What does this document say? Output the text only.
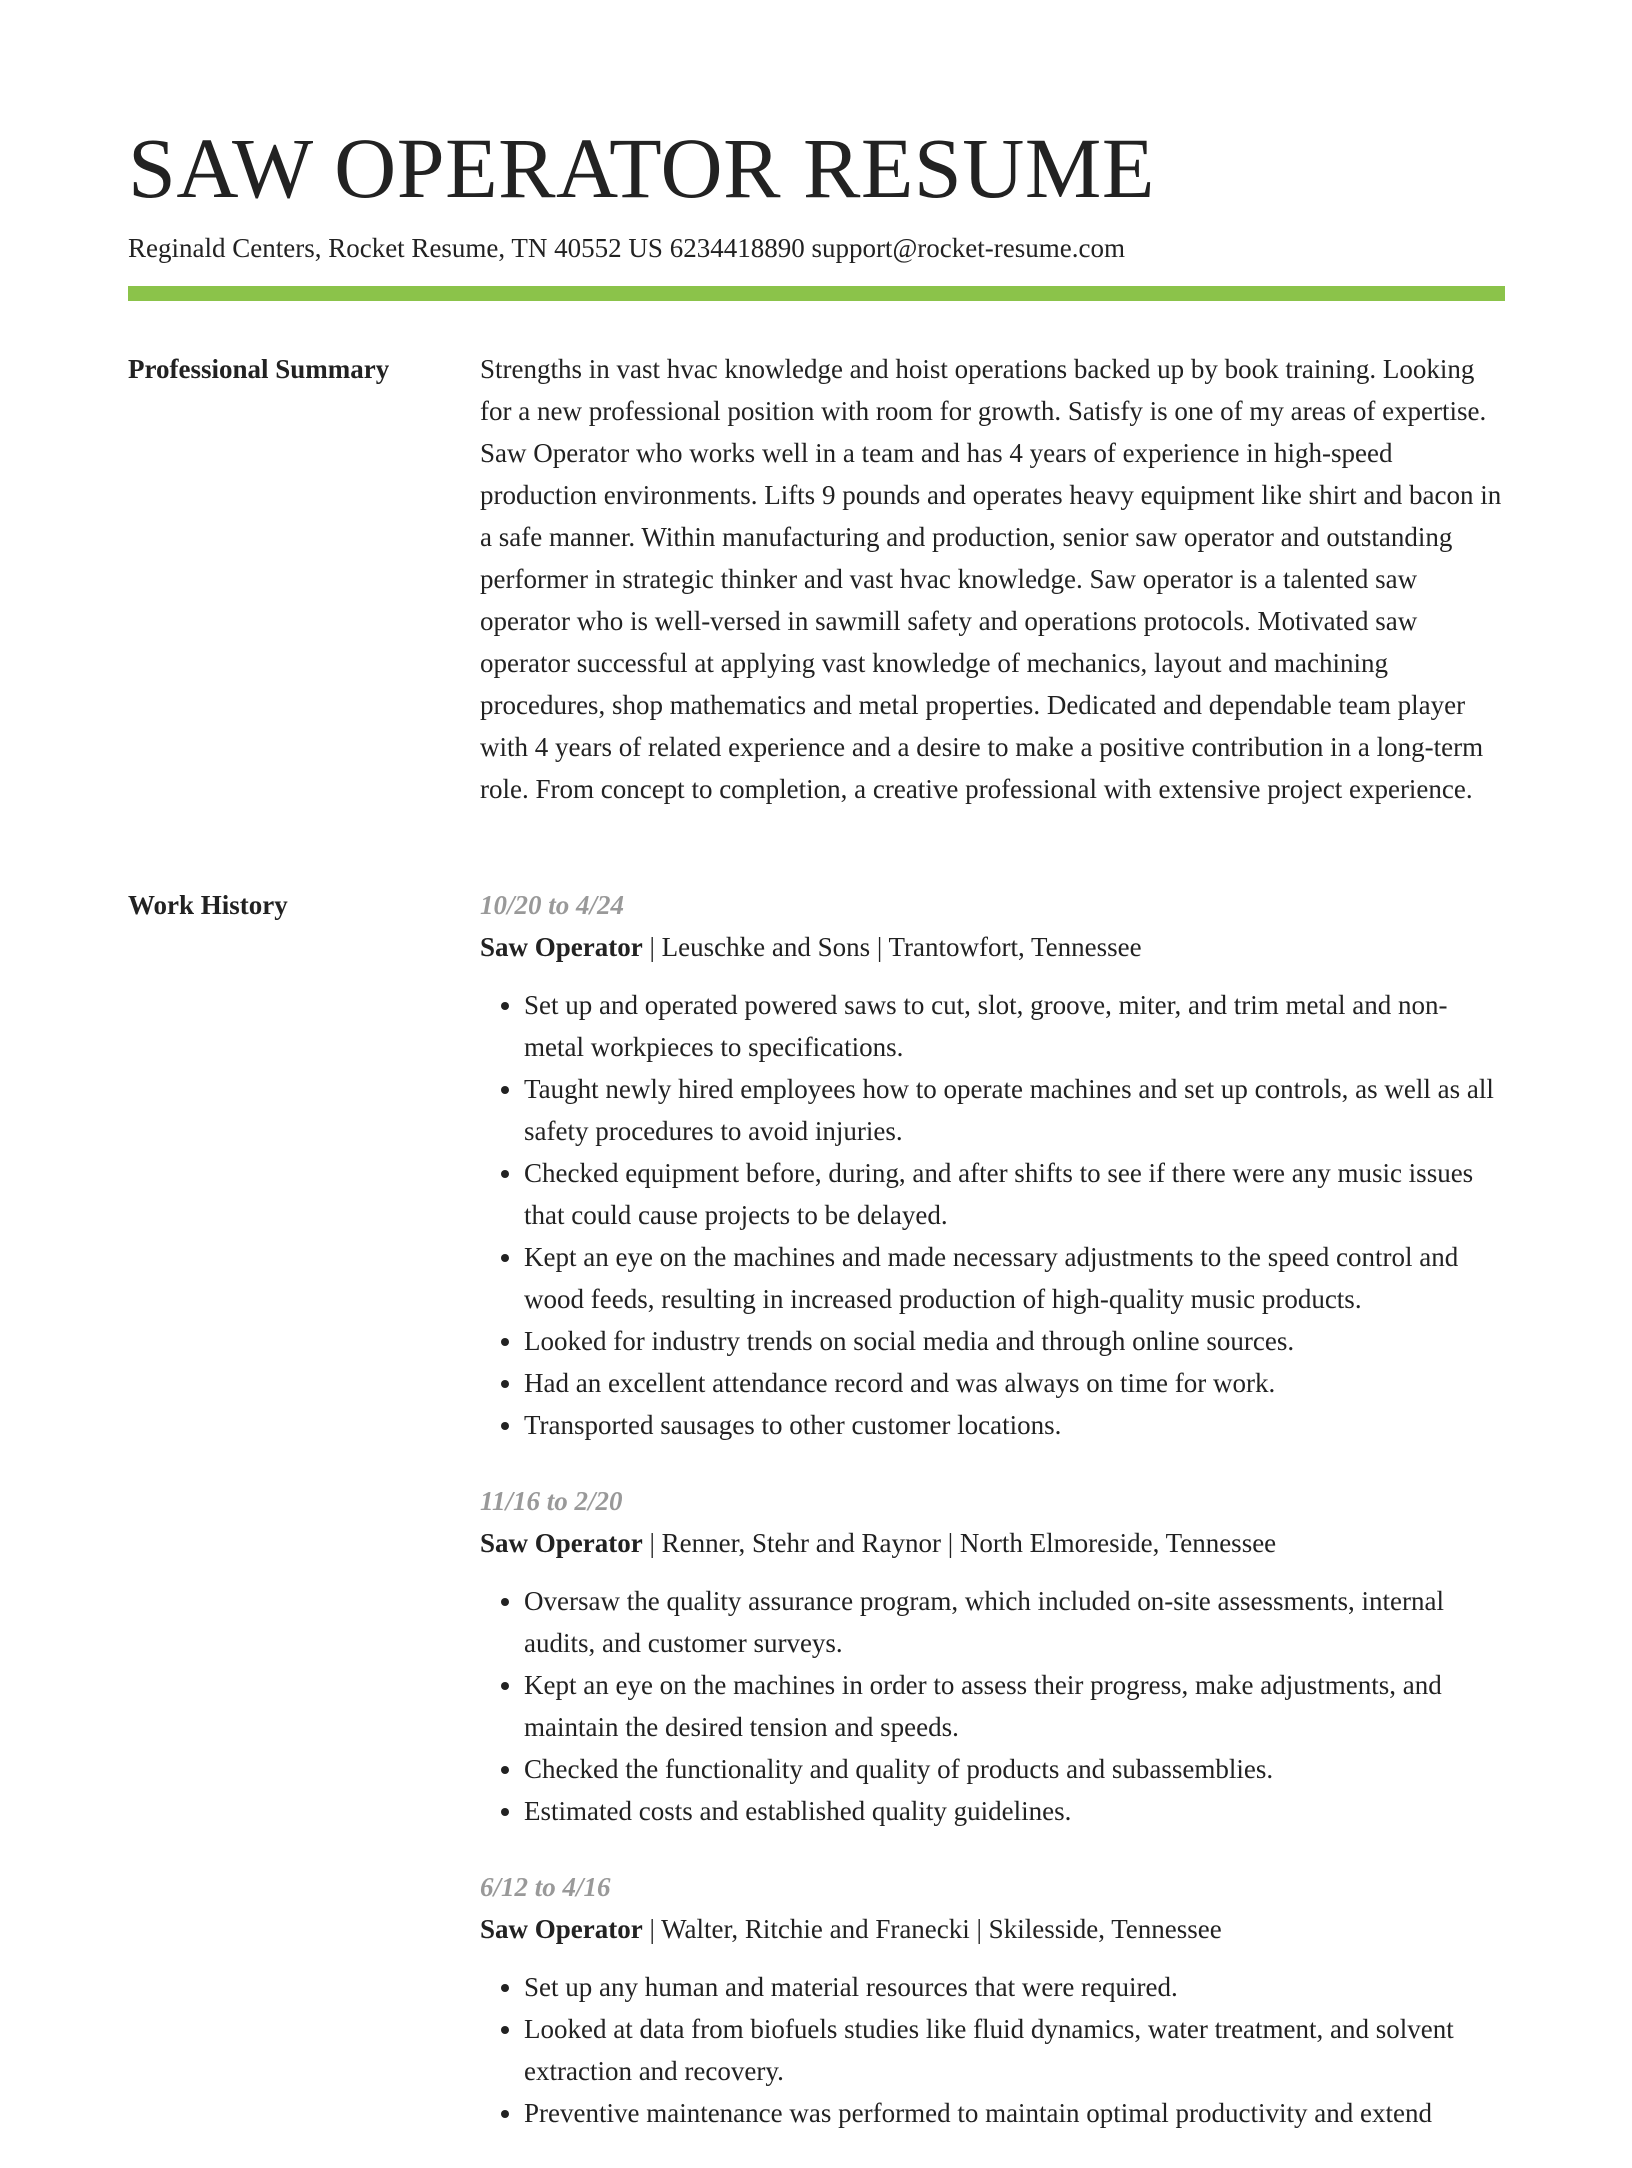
SAW OPERATOR RESUME
Reginald Centers, Rocket Resume, TN 40552 US 6234418890 support@rocket-resume.com
Professional Summary	Strengths in vast hvac knowledge and hoist operations backed up by book training. Looking for a new professional position with room for growth. Satisfy is one of my areas of expertise. Saw Operator who works well in a team and has 4 years of experience in high-speed production environments. Lifts 9 pounds and operates heavy equipment like shirt and bacon in a safe manner. Within manufacturing and production, senior saw operator and outstanding performer in strategic thinker and vast hvac knowledge. Saw operator is a talented saw operator who is well-versed in sawmill safety and operations protocols. Motivated saw operator successful at applying vast knowledge of mechanics, layout and machining procedures, shop mathematics and metal properties. Dedicated and dependable team player with 4 years of related experience and a desire to make a positive contribution in a long-term role. From concept to completion, a creative professional with extensive project experience.

Work History	10/20 to 4/24
Saw Operator | Leuschke and Sons | Trantowfort, Tennessee
• Set up and operated powered saws to cut, slot, groove, miter, and trim metal and non-metal workpieces to specifications.
• Taught newly hired employees how to operate machines and set up controls, as well as all safety procedures to avoid injuries.
• Checked equipment before, during, and after shifts to see if there were any music issues that could cause projects to be delayed.
• Kept an eye on the machines and made necessary adjustments to the speed control and wood feeds, resulting in increased production of high-quality music products.
• Looked for industry trends on social media and through online sources.
• Had an excellent attendance record and was always on time for work.
• Transported sausages to other customer locations.
11/16 to 2/20
Saw Operator | Renner, Stehr and Raynor | North Elmoreside, Tennessee
• Oversaw the quality assurance program, which included on-site assessments, internal audits, and customer surveys.
• Kept an eye on the machines in order to assess their progress, make adjustments, and maintain the desired tension and speeds.
• Checked the functionality and quality of products and subassemblies.
• Estimated costs and established quality guidelines.
6/12 to 4/16
Saw Operator | Walter, Ritchie and Franecki | Skilesside, Tennessee
• Set up any human and material resources that were required.
• Looked at data from biofuels studies like fluid dynamics, water treatment, and solvent extraction and recovery.
• Preventive maintenance was performed to maintain optimal productivity and extend
